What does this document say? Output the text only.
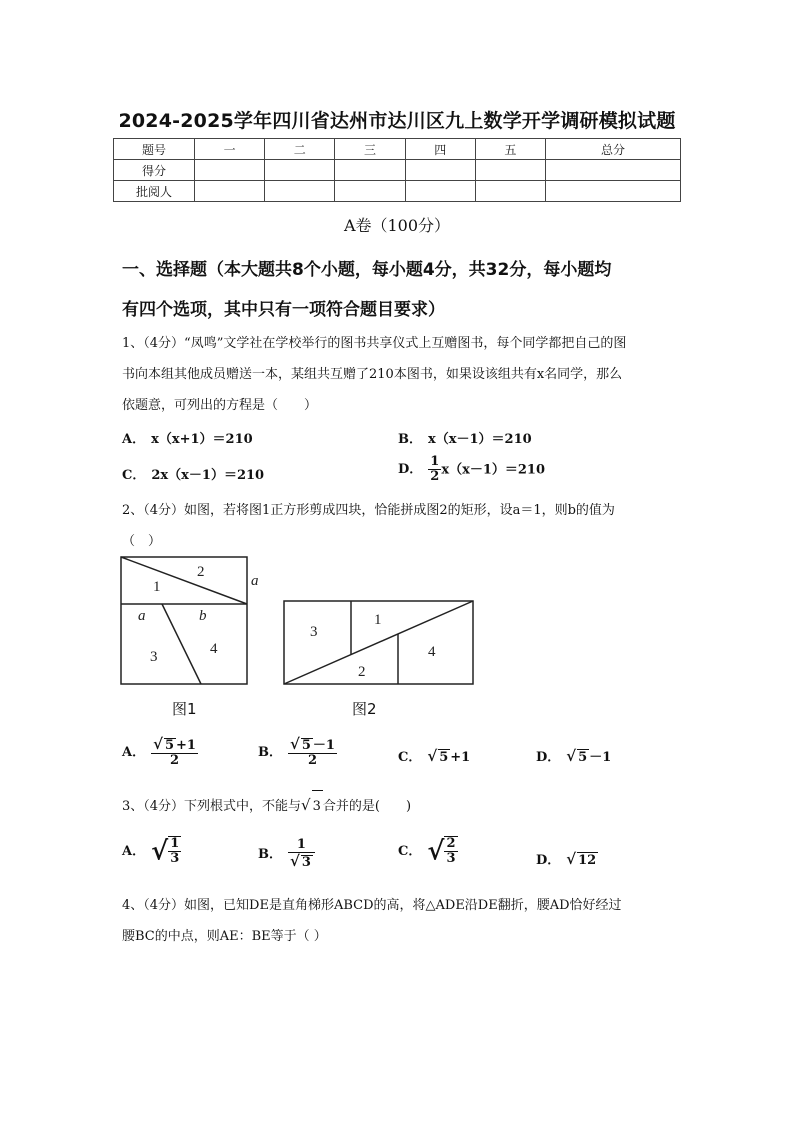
2024-2025学年四川省达州市达川区九上数学开学调研模拟试题
题号	一	二	三	四	五	总分
得分						
批阅人						
A卷（100分）
一、选择题（本大题共8个小题，每小题4分，共32分，每小题均
有四个选项，其中只有一项符合题目要求）
1、（4分）“凤鸣”文学社在学校举行的图书共享仪式上互赠图书，每个同学都把自己的图
书向本组其他成员赠送一本，某组共互赠了210本图书，如果设该组共有x名同学，那么
依题意，可列出的方程是（　　）
A． x（x+1）＝210	B． x（x－1）＝210
C． 2x（x－1）＝210	D． $\frac{1}{2} x(x-1)=210$
2、（4分）如图，若将图1正方形剪成四块，恰能拼成图2的矩形，设a＝1，则b的值为
（　）
1
2
a
a	b
3	4
3
1
2
4
图1	图2
A． $\frac{√ 5 +1}{2}$	B． $\frac{√ 5 -1}{2}$	C． √ 5 +1	D． √ 5 －1
3、（4分）下列根式中，不能与√ 3 合并的是(　　)
A． √ $\frac{1}{3}$	B． $\frac{1}{√ 3}$	C． √ $\frac{2}{3}$	D． √ 12
4、（4分）如图，已知DE是直角梯形ABCD的高，将△ADE沿DE翻折，腰AD恰好经过
腰BC的中点，则AE：BE等于（ ）
